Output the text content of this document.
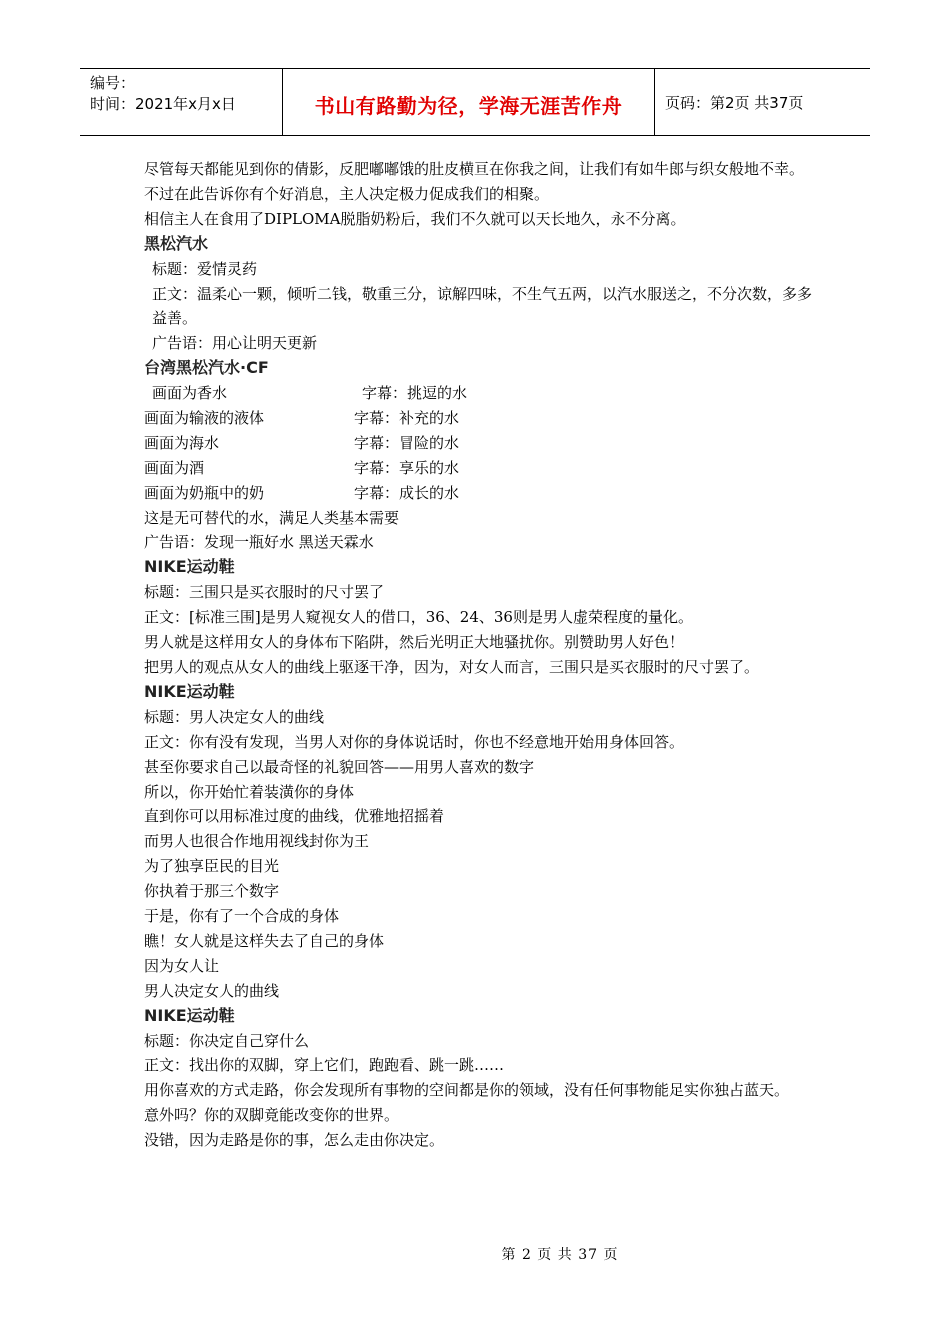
编号：
时间：2021年x月x日	书山有路勤为径，学海无涯苦作舟	页码：第2页 共37页
尽管每天都能见到你的倩影，反肥嘟嘟饿的肚皮横亘在你我之间，让我们有如牛郎与织女般地不幸。
不过在此告诉你有个好消息，主人决定极力促成我们的相聚。
相信主人在食用了DIPLOMA脱脂奶粉后，我们不久就可以天长地久，永不分离。
黑松汽水
标题：爱情灵药
正文：温柔心一颗，倾听二钱，敬重三分，谅解四味，不生气五两，以汽水服送之，不分次数，多多益善。
广告语：用心让明天更新
台湾黑松汽水·CF
画面为香水	字幕：挑逗的水
画面为输液的液体	字幕：补充的水
画面为海水	字幕：冒险的水
画面为酒	字幕：享乐的水
画面为奶瓶中的奶	字幕：成长的水
这是无可替代的水，满足人类基本需要
广告语：发现一瓶好水 黑送天霖水
NIKE运动鞋
标题：三围只是买衣服时的尺寸罢了
正文：[标准三围]是男人窥视女人的借口，36、24、36则是男人虚荣程度的量化。
男人就是这样用女人的身体布下陷阱，然后光明正大地骚扰你。别赞助男人好色！
把男人的观点从女人的曲线上驱逐干净，因为，对女人而言，三围只是买衣服时的尺寸罢了。
NIKE运动鞋
标题：男人决定女人的曲线
正文：你有没有发现，当男人对你的身体说话时，你也不经意地开始用身体回答。
甚至你要求自己以最奇怪的礼貌回答——用男人喜欢的数字
所以，你开始忙着装潢你的身体
直到你可以用标准过度的曲线，优雅地招摇着
而男人也很合作地用视线封你为王
为了独享臣民的目光
你执着于那三个数字
于是，你有了一个合成的身体
瞧！女人就是这样失去了自己的身体
因为女人让
男人决定女人的曲线
NIKE运动鞋
标题：你决定自己穿什么
正文：找出你的双脚，穿上它们，跑跑看、跳一跳……
用你喜欢的方式走路，你会发现所有事物的空间都是你的领域，没有任何事物能足实你独占蓝天。
意外吗？你的双脚竟能改变你的世界。
没错，因为走路是你的事，怎么走由你决定。
第 2 页 共 37 页
